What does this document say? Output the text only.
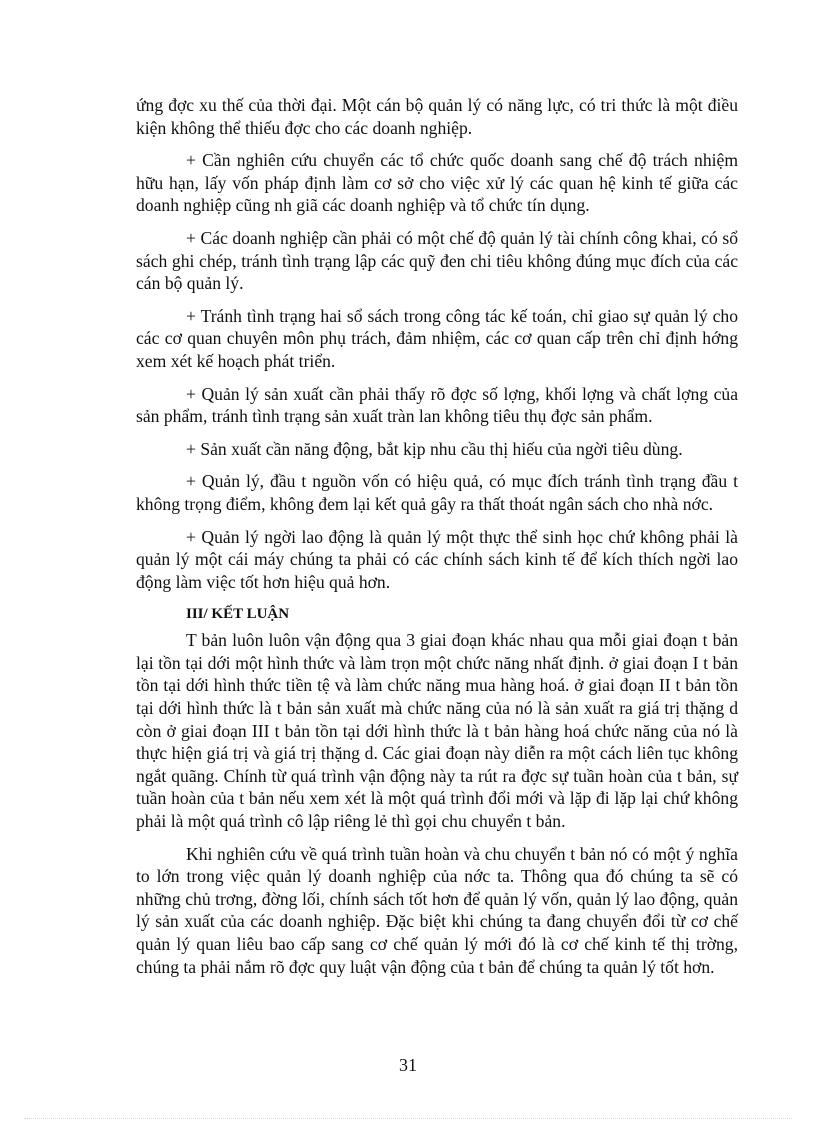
ứng đợc xu thế của thời đại. Một cán bộ quản lý có năng lực, có tri thức là một điều kiện không thể thiếu đợc cho các doanh nghiệp.

+ Cần nghiên cứu chuyển các tổ chức quốc doanh sang chế độ trách nhiệm hữu hạn, lấy vốn pháp định làm cơ sở cho việc xử lý các quan hệ kinh tế giữa các doanh nghiệp cũng nh giã các doanh nghiệp và tổ chức tín dụng.

+ Các doanh nghiệp cần phải có một chế độ quản lý tài chính công khai, có sổ sách ghi chép, tránh tình trạng lập các quỹ đen chi tiêu không đúng mục đích của các cán bộ quản lý.

+ Tránh tình trạng hai sổ sách trong công tác kế toán, chỉ giao sự quản lý cho các cơ quan chuyên môn phụ trách, đảm nhiệm, các cơ quan cấp trên chỉ định hớng xem xét kế hoạch phát triển.

+ Quản lý sản xuất cần phải thấy rõ đợc số lợng, khối lợng và chất lợng của sản phẩm, tránh tình trạng sản xuất tràn lan không tiêu thụ đợc sản phẩm.

+ Sản xuất cần năng động, bắt kịp nhu cầu thị hiếu của ngời tiêu dùng.

+ Quản lý, đầu t nguồn vốn có hiệu quả, có mục đích tránh tình trạng đầu t không trọng điểm, không đem lại kết quả gây ra thất thoát ngân sách cho nhà nớc.

+ Quản lý ngời lao động là quản lý một thực thể sinh học chứ không phải là quản lý một cái máy chúng ta phải có các chính sách kinh tế để kích thích ngời lao động làm việc tốt hơn hiệu quả hơn.

III/ KẾT LUẬN

T bản luôn luôn vận động qua 3 giai đoạn khác nhau qua mỗi giai đoạn t bản lại tồn tại dới một hình thức và làm trọn một chức năng nhất định. ở giai đoạn I t bản tồn tại dới hình thức tiền tệ và làm chức năng mua hàng hoá. ở giai đoạn II t bản tồn tại dới hình thức là t bản sản xuất mà chức năng của nó là sản xuất ra giá trị thặng d còn ở giai đoạn III t bản tồn tại dới hình thức là t bản hàng hoá chức năng của nó là thực hiện giá trị và giá trị thặng d. Các giai đoạn này diễn ra một cách liên tục không ngắt quãng. Chính từ quá trình vận động này ta rút ra đợc sự tuần hoàn của t bản, sự tuần hoàn của t bản nếu xem xét là một quá trình đổi mới và lặp đi lặp lại chứ không phải là một quá trình cô lập riêng lẻ thì gọi chu chuyển t bản.

Khi nghiên cứu về quá trình tuần hoàn và chu chuyển t bản nó có một ý nghĩa to lớn trong việc quản lý doanh nghiệp của nớc ta. Thông qua đó chúng ta sẽ có những chủ trơng, đờng lối, chính sách tốt hơn để quản lý vốn, quản lý lao động, quản lý sản xuất của các doanh nghiệp. Đặc biệt khi chúng ta đang chuyển đổi từ cơ chế quản lý quan liêu bao cấp sang cơ chế quản lý mới đó là cơ chế kinh tế thị trờng, chúng ta phải nắm rõ đợc quy luật vận động của t bản để chúng ta quản lý tốt hơn.

31
